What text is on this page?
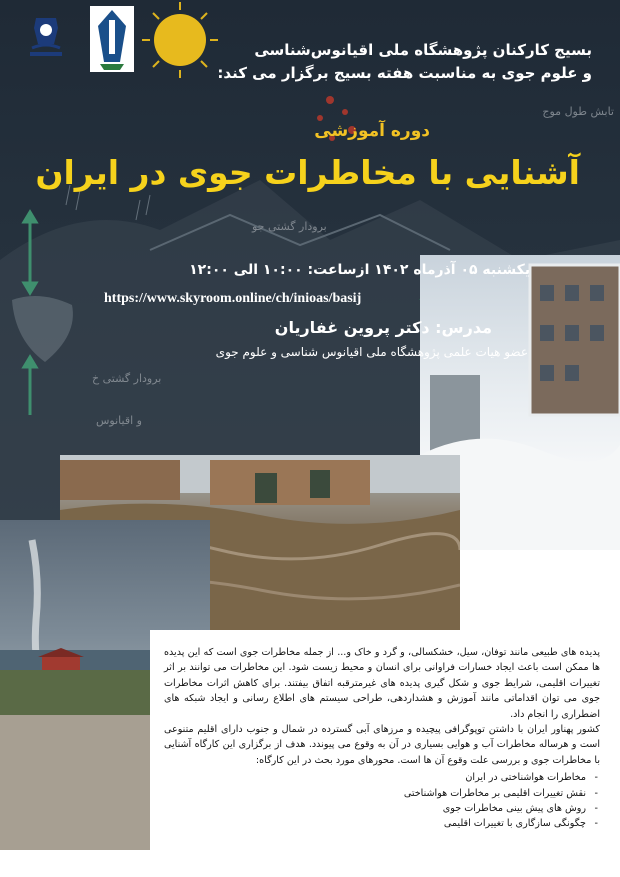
تابش طول موج
برودار گشتی جو
برودار گشتی خ
و اقیانوس
بسیج کارکنان پژوهشگاه ملی اقیانوس‌شناسی
و علوم جوی به مناسبت هفته بسیج برگزار می کند:
دوره آموزشی
آشنایی با مخاطرات جوی در ایران
یکشنبه ۰۵ آذرماه ۱۴۰۲ ازساعت: ۱۰:۰۰ الی ۱۲:۰۰
https://www.skyroom.online/ch/inioas/basij
مدرس: دکتر پروین غفاریان
عضو هیات علمی پژوهشگاه ملی اقیانوس شناسی و علوم جوی

پدیده های طبیعی مانند توفان، سیل، خشکسالی، و گرد و خاک و... از جمله مخاطرات جوی است که این پدیده ها ممکن است باعث ایجاد خسارات فراوانی برای انسان و محیط زیست شود. این مخاطرات می توانند بر اثر تغییرات اقلیمی، شرایط جوی و شکل گیری پدیده های غیرمترقبه اتفاق بیفتند. برای کاهش اثرات مخاطرات جوی می توان اقداماتی مانند آموزش و هشداردهی، طراحی سیستم های اطلاع رسانی و ایجاد شبکه های اضطراری را انجام داد.

کشور پهناور ایران با داشتن توپوگرافی پیچیده و مرزهای آبی گسترده در شمال و جنوب دارای اقلیم متنوعی است و هرساله مخاطرات آب و هوایی بسیاری در آن به وقوع می پیوندد. هدف از برگزاری این کارگاه آشنایی با مخاطرات جوی و بررسی علت وقوع آن ها است. محورهای مورد بحث در این کارگاه:

- مخاطرات هواشناختی در ایران
- نقش تغییرات اقلیمی بر مخاطرات هواشناختی
- روش های پیش بینی مخاطرات جوی
- چگونگی سازگاری با تغییرات اقلیمی
